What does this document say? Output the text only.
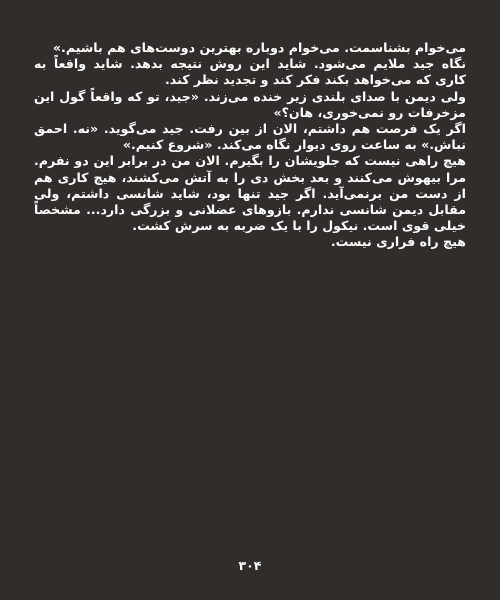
می‌خوام بشناسمت. می‌خوام دوباره بهترین دوست‌های هم باشیم.»

نگاه جید ملایم می‌شود. شاید این روش نتیجه بدهد. شاید واقعاً به کاری که می‌خواهد بکند فکر کند و تجدید نظر کند.

ولی دیمن با صدای بلندی زیر خنده می‌زند. «جید، تو که واقعاً گول این مزخرفات رو نمی‌خوری، هان؟»

اگر یک فرصت هم داشتم، الان از بین رفت. جید می‌گوید. «نه. احمق نباش.» به ساعت روی دیوار نگاه می‌کند. «شروع کنیم.»

هیچ راهی نیست که جلویشان را بگیرم. الان من در برابر این دو نفرم. مرا بیهوش می‌کنند و بعد بخش دی را به آتش می‌کشند، هیچ کاری هم از دست من برنمی‌آید. اگر جید تنها بود، شاید شانسی داشتم، ولی مقابل دیمن شانسی ندارم. بازوهای عضلانی و بزرگی دارد... مشخصاً خیلی قوی است. نیکول را با یک ضربه به سرش کشت.

هیچ راه فراری نیست.

۳۰۴
